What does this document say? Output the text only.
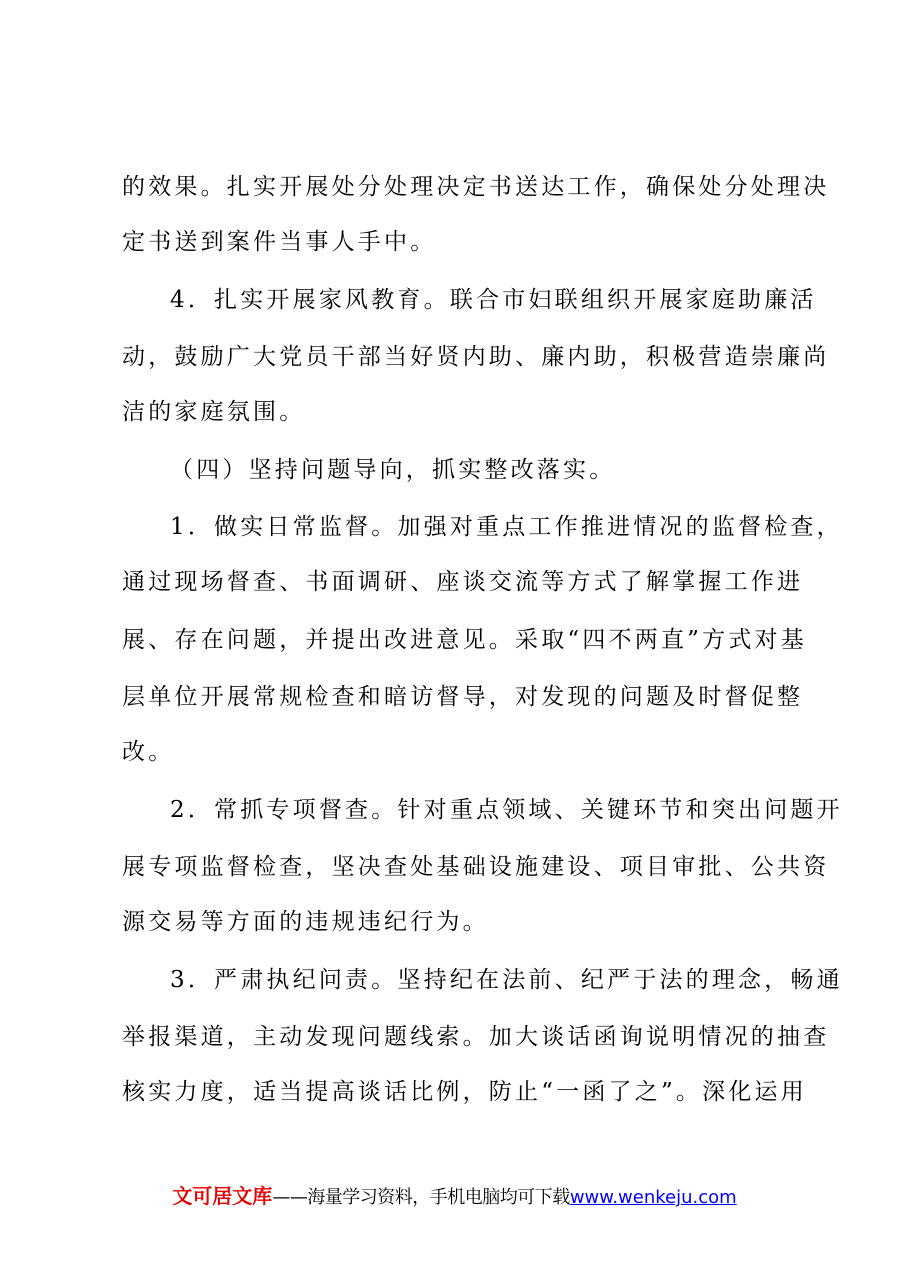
的效果。扎实开展处分处理决定书送达工作，确保处分处理决
定书送到案件当事人手中。
4．扎实开展家风教育。联合市妇联组织开展家庭助廉活
动，鼓励广大党员干部当好贤内助、廉内助，积极营造崇廉尚
洁的家庭氛围。
（四）坚持问题导向，抓实整改落实。
1．做实日常监督。加强对重点工作推进情况的监督检查，
通过现场督查、书面调研、座谈交流等方式了解掌握工作进
展、存在问题，并提出改进意见。采取“四不两直”方式对基
层单位开展常规检查和暗访督导，对发现的问题及时督促整
改。
2．常抓专项督查。针对重点领域、关键环节和突出问题开
展专项监督检查，坚决查处基础设施建设、项目审批、公共资
源交易等方面的违规违纪行为。
3．严肃执纪问责。坚持纪在法前、纪严于法的理念，畅通
举报渠道，主动发现问题线索。加大谈话函询说明情况的抽查
核实力度，适当提高谈话比例，防止“一函了之”。深化运用
文可居文库——海量学习资料，手机电脑均可下载www.wenkeju.com
